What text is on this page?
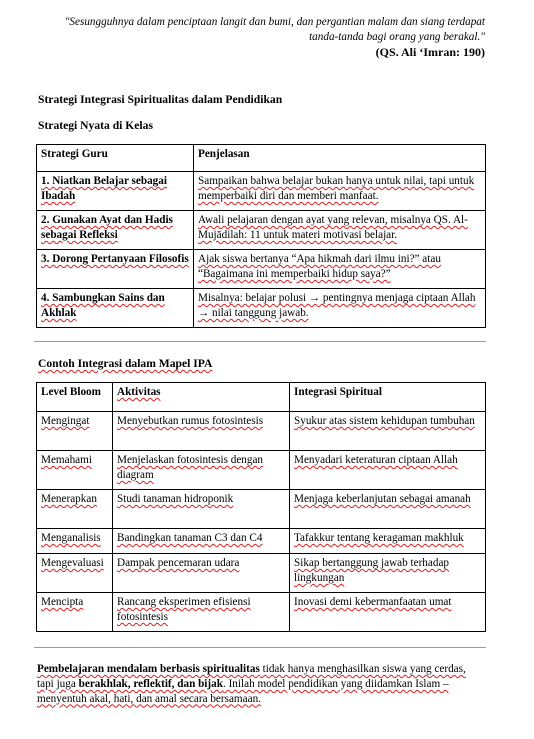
"Sesungguhnya dalam penciptaan langit dan bumi, dan pergantian malam dan siang terdapat tanda-tanda bagi orang yang berakal."
(QS. Ali ‘Imran: 190)
Strategi Integrasi Spiritualitas dalam Pendidikan
Strategi Nyata di Kelas
Strategi Guru	Penjelasan
1. Niatkan Belajar sebagai Ibadah	Sampaikan bahwa belajar bukan hanya untuk nilai, tapi untuk memperbaiki diri dan memberi manfaat.
2. Gunakan Ayat dan Hadis sebagai Refleksi	Awali pelajaran dengan ayat yang relevan, misalnya QS. Al-Mujādilah: 11 untuk materi motivasi belajar.
3. Dorong Pertanyaan Filosofis	Ajak siswa bertanya “Apa hikmah dari ilmu ini?” atau “Bagaimana ini memperbaiki hidup saya?”
4. Sambungkan Sains dan Akhlak	Misalnya: belajar polusi → pentingnya menjaga ciptaan Allah → nilai tanggung jawab.
Contoh Integrasi dalam Mapel IPA
Level Bloom	Aktivitas	Integrasi Spiritual
Mengingat	Menyebutkan rumus fotosintesis	Syukur atas sistem kehidupan tumbuhan
Memahami	Menjelaskan fotosintesis dengan diagram	Menyadari keteraturan ciptaan Allah
Menerapkan	Studi tanaman hidroponik	Menjaga keberlanjutan sebagai amanah
Menganalisis	Bandingkan tanaman C3 dan C4	Tafakkur tentang keragaman makhluk
Mengevaluasi	Dampak pencemaran udara	Sikap bertanggung jawab terhadap lingkungan
Mencipta	Rancang eksperimen efisiensi fotosintesis	Inovasi demi kebermanfaatan umat
Pembelajaran mendalam berbasis spiritualitas tidak hanya menghasilkan siswa yang cerdas, tapi juga berakhlak, reflektif, dan bijak. Inilah model pendidikan yang diidamkan Islam – menyentuh akal, hati, dan amal secara bersamaan.
